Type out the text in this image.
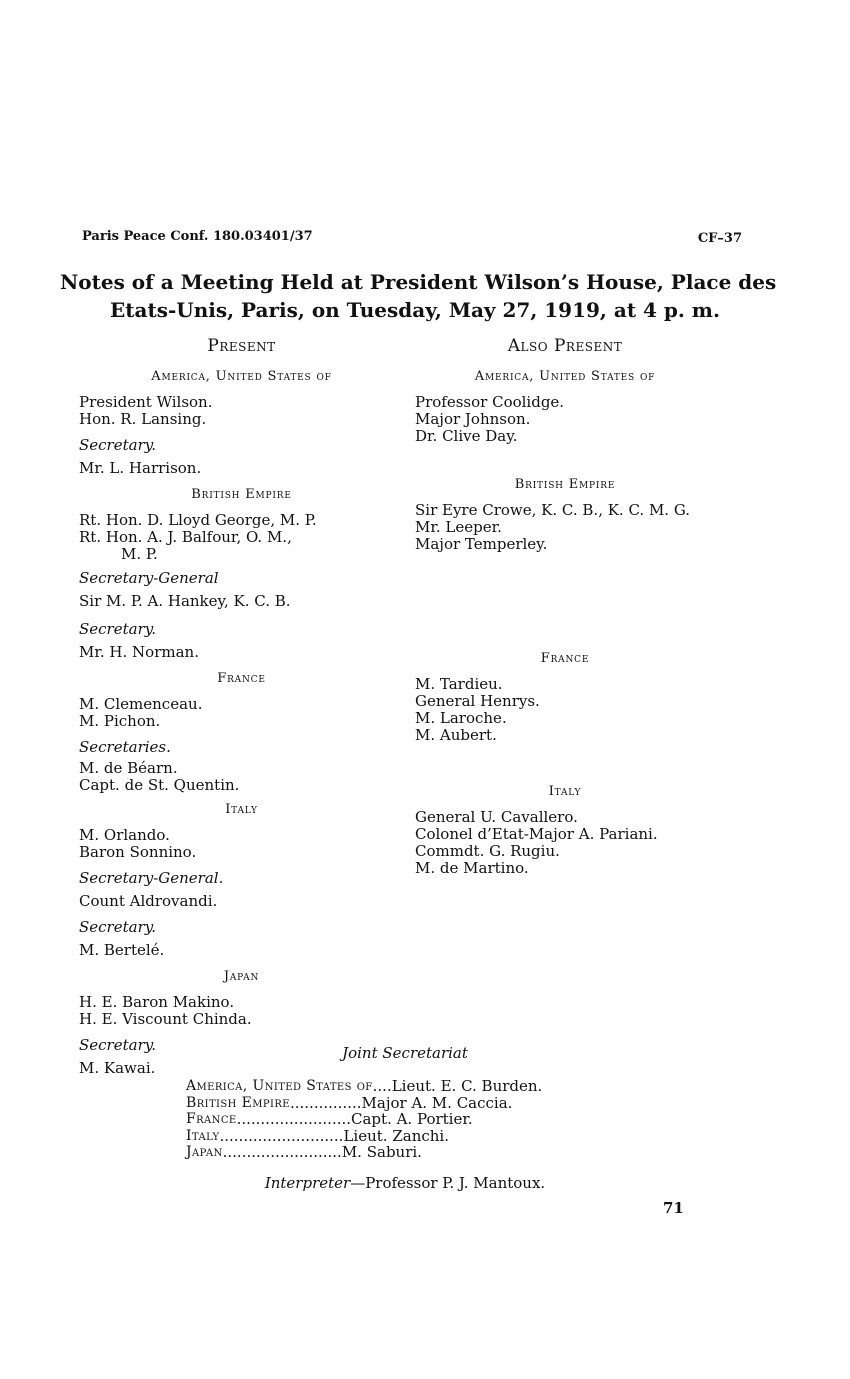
Paris Peace Conf. 180.03401/37	CF–37
Notes of a Meeting Held at President Wilson’s House, Place des
Etats-Unis, Paris, on Tuesday, May 27, 1919, at 4 p. m.
Present
America, United States of
President Wilson.
Hon. R. Lansing.
Secretary.
Mr. L. Harrison.
British Empire
Rt. Hon. D. Lloyd George, M. P.
Rt. Hon. A. J. Balfour, O. M.,
M. P.
Secretary-General
Sir M. P. A. Hankey, K. C. B.
Secretary.
Mr. H. Norman.
France
M. Clemenceau.
M. Pichon.
Secretaries.
M. de Béarn.
Capt. de St. Quentin.
Italy
M. Orlando.
Baron Sonnino.
Secretary-General.
Count Aldrovandi.
Secretary.
M. Bertelé.
Japan
H. E. Baron Makino.
H. E. Viscount Chinda.
Secretary.
M. Kawai.
Also Present
America, United States of
Professor Coolidge.
Major Johnson.
Dr. Clive Day.
British Empire
Sir Eyre Crowe, K. C. B., K. C. M. G.
Mr. Leeper.
Major Temperley.
France
M. Tardieu.
General Henrys.
M. Laroche.
M. Aubert.
Italy
General U. Cavallero.
Colonel d’Etat-Major A. Pariani.
Commdt. G. Rugiu.
M. de Martino.
Joint Secretariat
America, United States of .... Lieut. E. C. Burden.
British Empire ............... Major A. M. Caccia.
France ........................ Capt. A. Portier.
Italy .......................... Lieut. Zanchi.
Japan ......................... M. Saburi.
Interpreter—Professor P. J. Mantoux.
71
